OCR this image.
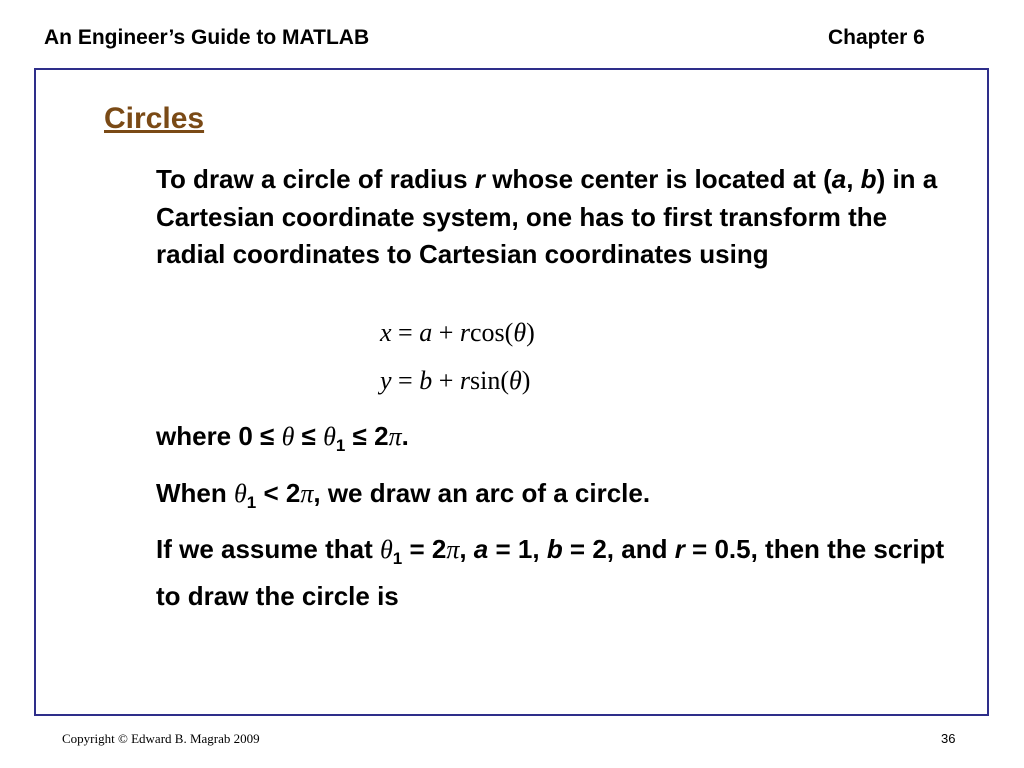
An Engineer’s Guide to MATLAB	Chapter 6
Circles
To draw a circle of radius r whose center is located at (a, b) in a Cartesian coordinate system, one has to first transform the radial coordinates to Cartesian coordinates using
x = a + rcos(θ)
y = b + rsin(θ)
where $0 \le \theta \le \theta_1 \le 2\pi$.
When $\theta_1 < 2\pi$, we draw an arc of a circle.
If we assume that $\theta_1 = 2\pi$, a = 1, b = 2, and r = 0.5, then the script to draw the circle is
Copyright © Edward B. Magrab 2009	36
